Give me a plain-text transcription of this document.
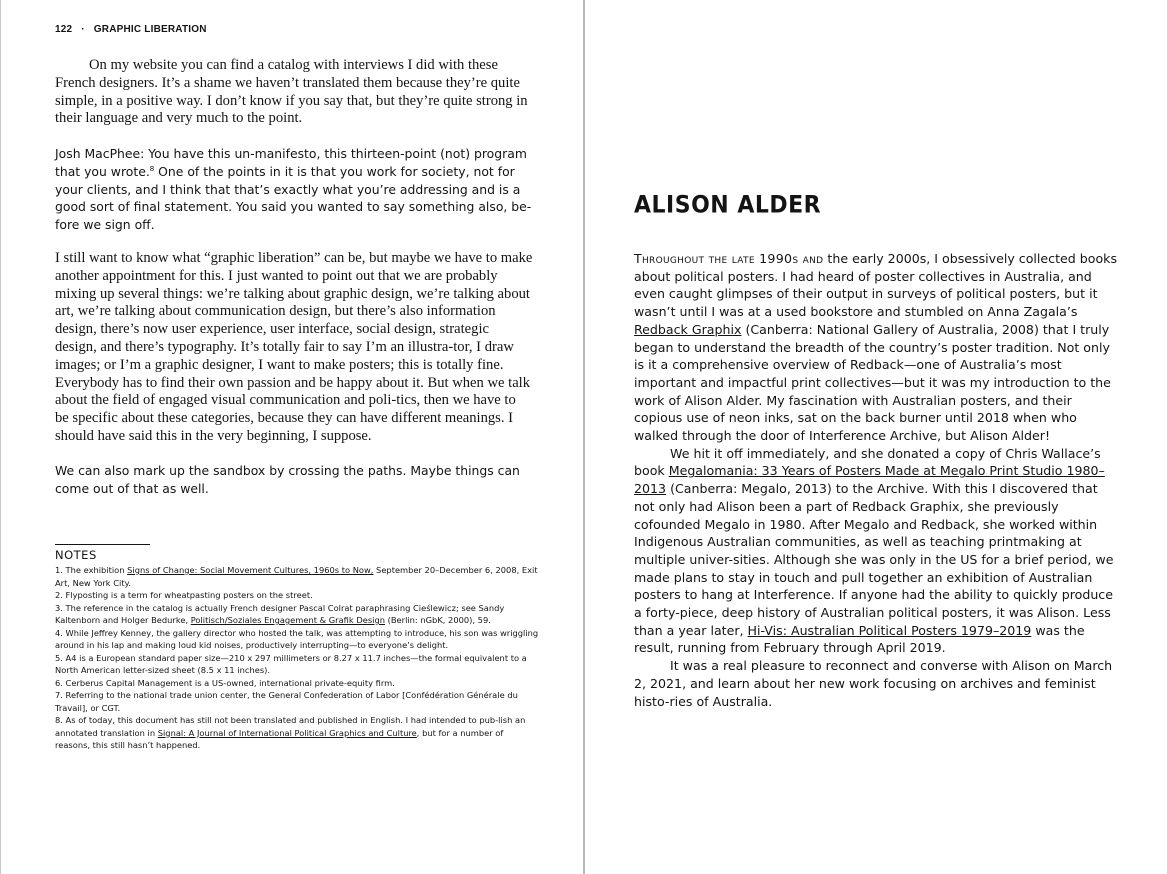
122 · GRAPHIC LIBERATION

On my website you can find a catalog with interviews I did with these French designers. It’s a shame we haven’t translated them because they’re quite simple, in a positive way. I don’t know if you say that, but they’re quite strong in their language and very much to the point.

Josh MacPhee: You have this un-manifesto, this thirteen-point (not) program that you wrote.$^8$ One of the points in it is that you work for society, not for your clients, and I think that that’s exactly what you’re addressing and is a good sort of final statement. You said you wanted to say something also, be-fore we sign off.

I still want to know what “graphic liberation” can be, but maybe we have to make another appointment for this. I just wanted to point out that we are probably mixing up several things: we’re talking about graphic design, we’re talking about art, we’re talking about communication design, but there’s also information design, there’s now user experience, user interface, social design, strategic design, and there’s typography. It’s totally fair to say I’m an illustra-tor, I draw images; or I’m a graphic designer, I want to make posters; this is totally fine. Everybody has to find their own passion and be happy about it. But when we talk about the field of engaged visual communication and poli-tics, then we have to be specific about these categories, because they can have different meanings. I should have said this in the very beginning, I suppose.

We can also mark up the sandbox by crossing the paths. Maybe things can come out of that as well.

NOTES
1. The exhibition Signs of Change: Social Movement Cultures, 1960s to Now, September 20–December 6, 2008, Exit Art, New York City.
2. Flyposting is a term for wheatpasting posters on the street.
3. The reference in the catalog is actually French designer Pascal Colrat paraphrasing Cieślewicz; see Sandy Kaltenborn and Holger Bedurke, Politisch/Soziales Engagement & Grafik Design (Berlin: nGbK, 2000), 59.
4. While Jeffrey Kenney, the gallery director who hosted the talk, was attempting to introduce, his son was wriggling around in his lap and making loud kid noises, productively interrupting—to everyone’s delight.
5. A4 is a European standard paper size—210 x 297 millimeters or 8.27 x 11.7 inches—the formal equivalent to a North American letter-sized sheet (8.5 x 11 inches).
6. Cerberus Capital Management is a US-owned, international private-equity firm.
7. Referring to the national trade union center, the General Confederation of Labor [Confédération Générale du Travail], or CGT.
8. As of today, this document has still not been translated and published in English. I had intended to pub-lish an annotated translation in Signal: A Journal of International Political Graphics and Culture, but for a number of reasons, this still hasn’t happened.
ALISON ALDER

Throughout the late 1990s and the early 2000s, I obsessively collected books about political posters. I had heard of poster collectives in Australia, and even caught glimpses of their output in surveys of political posters, but it wasn’t until I was at a used bookstore and stumbled on Anna Zagala’s Redback Graphix (Canberra: National Gallery of Australia, 2008) that I truly began to understand the breadth of the country’s poster tradition. Not only is it a comprehensive overview of Redback—one of Australia’s most important and impactful print collectives—but it was my introduction to the work of Alison Alder. My fascination with Australian posters, and their copious use of neon inks, sat on the back burner until 2018 when who walked through the door of Interference Archive, but Alison Alder!

We hit it off immediately, and she donated a copy of Chris Wallace’s book Megalomania: 33 Years of Posters Made at Megalo Print Studio 1980–2013 (Canberra: Megalo, 2013) to the Archive. With this I discovered that not only had Alison been a part of Redback Graphix, she previously cofounded Megalo in 1980. After Megalo and Redback, she worked within Indigenous Australian communities, as well as teaching printmaking at multiple univer-sities. Although she was only in the US for a brief period, we made plans to stay in touch and pull together an exhibition of Australian posters to hang at Interference. If anyone had the ability to quickly produce a forty-piece, deep history of Australian political posters, it was Alison. Less than a year later, Hi-Vis: Australian Political Posters 1979–2019 was the result, running from February through April 2019.

It was a real pleasure to reconnect and converse with Alison on March 2, 2021, and learn about her new work focusing on archives and feminist histo-ries of Australia.
